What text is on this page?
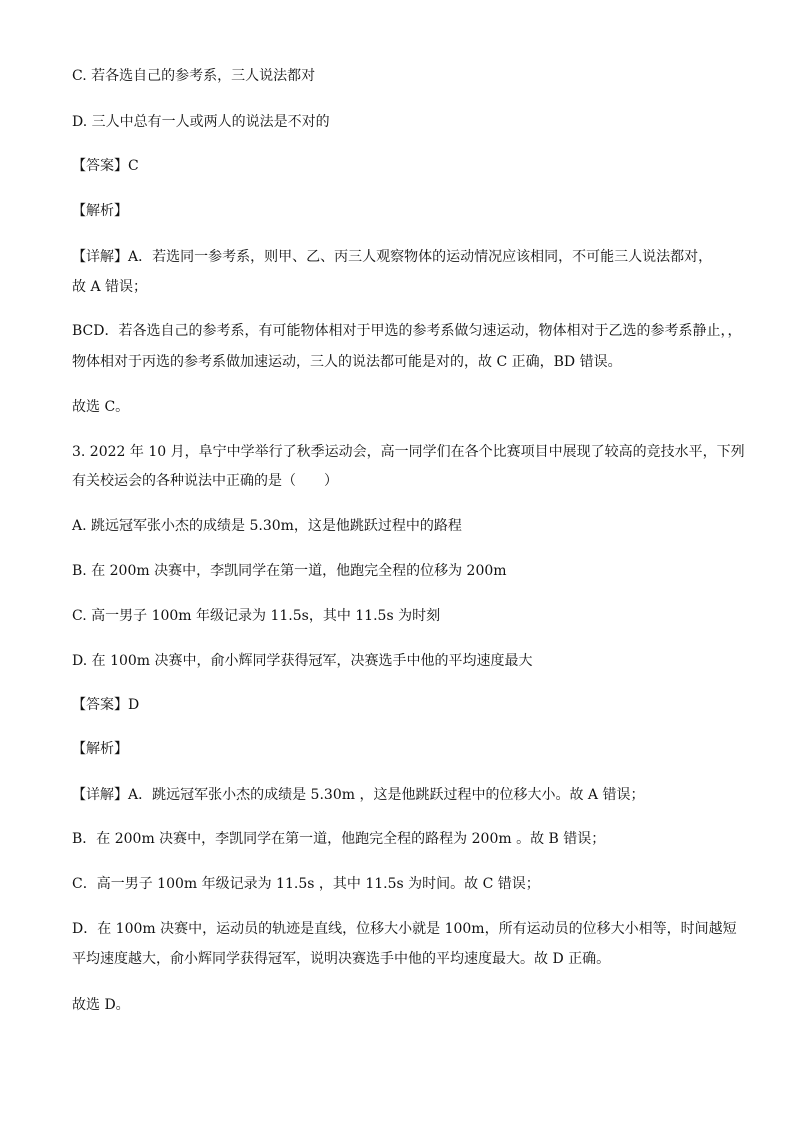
C. 若各选自己的参考系，三人说法都对
D. 三人中总有一人或两人的说法是不对的
【答案】C
【解析】
【详解】A．若选同一参考系，则甲、乙、丙三人观察物体的运动情况应该相同，不可能三人说法都对，
故 A 错误；
BCD．若各选自己的参考系，有可能物体相对于甲选的参考系做匀速运动，物体相对于乙选的参考系静止，，
物体相对于丙选的参考系做加速运动，三人的说法都可能是对的，故 C 正确，BD 错误。
故选 C。
3. 2022 年 10 月，阜宁中学举行了秋季运动会，高一同学们在各个比赛项目中展现了较高的竞技水平，下列
有关校运会的各种说法中正确的是（　　）
A. 跳远冠军张小杰的成绩是 5.30m，这是他跳跃过程中的路程
B. 在 200m 决赛中，李凯同学在第一道，他跑完全程的位移为 200m
C. 高一男子 100m 年级记录为 11.5s，其中 11.5s 为时刻
D. 在 100m 决赛中，俞小辉同学获得冠军，决赛选手中他的平均速度最大
【答案】D
【解析】
【详解】A．跳远冠军张小杰的成绩是 5.30m ，这是他跳跃过程中的位移大小。故 A 错误；
B．在 200m 决赛中，李凯同学在第一道，他跑完全程的路程为 200m 。故 B 错误；
C．高一男子 100m 年级记录为 11.5s ，其中 11.5s 为时间。故 C 错误；
D．在 100m 决赛中，运动员的轨迹是直线，位移大小就是 100m，所有运动员的位移大小相等，时间越短
平均速度越大，俞小辉同学获得冠军，说明决赛选手中他的平均速度最大。故 D 正确。
故选 D。
